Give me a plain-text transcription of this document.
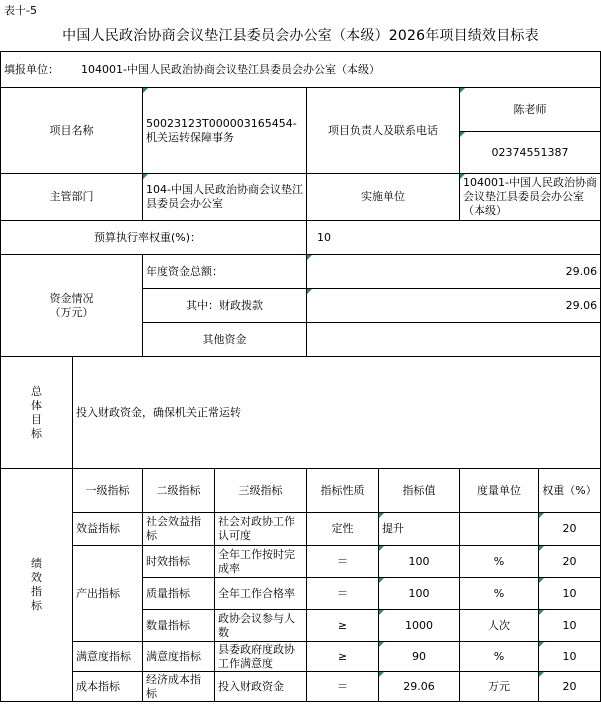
表十-5
中国人民政治协商会议垫江县委员会办公室（本级）2026年项目绩效目标表
填报单位： 104001-中国人民政治协商会议垫江县委员会办公室（本级）							
项目名称		50023123T000003165454-机关运转保障事务		项目负责人及联系电话		陈老师	
						02374551387	
主管部门		104-中国人民政治协商会议垫江县委员会办公室		实施单位		104001-中国人民政治协商会议垫江县委员会办公室（本级）	
预算执行率权重(%)：				10			

资金情况
（万元）		年度资金总额：		29.06			
		其中：财政拨款		29.06			
		其他资金					

总
体
目
标	投入财政资金，确保机关正常运转						

绩
效
指
标	一级指标	二级指标	三级指标	指标性质	指标值	度量单位	权重（%）
	效益指标	社会效益指标	社会对政协工作认可度	定性	提升		20
	产出指标	时效指标	全年工作按时完成率	＝	100	%	20
		质量指标	全年工作合格率	＝	100	%	10
		数量指标	政协会议参与人数	≥	1000	人次	10
	满意度指标	满意度指标	县委政府度政协工作满意度	≥	90	%	10
	成本指标	经济成本指标	投入财政资金	＝	29.06	万元	20
